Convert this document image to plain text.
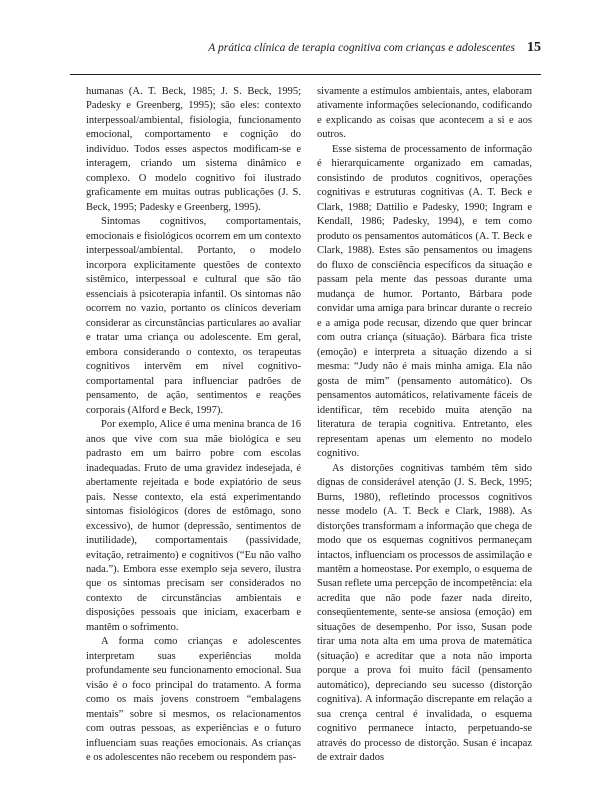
A prática clínica de terapia cognitiva com crianças e adolescentes 15

humanas (A. T. Beck, 1985; J. S. Beck, 1995; Padesky e Greenberg, 1995); são eles: contexto interpessoal/ambiental, fisiologia, funcionamento emocional, comportamento e cognição do indivíduo. Todos esses aspectos modificam-se e interagem, criando um sistema dinâmico e complexo. O modelo cognitivo foi ilustrado graficamente em muitas outras publicações (J. S. Beck, 1995; Padesky e Greenberg, 1995).

Sintomas cognitivos, comportamentais, emocionais e fisiológicos ocorrem em um contexto interpessoal/ambiental. Portanto, o modelo incorpora explicitamente questões de contexto sistêmico, interpessoal e cultural que são tão essenciais à psicoterapia infantil. Os sintomas não ocorrem no vazio, portanto os clínicos deveriam considerar as circunstâncias particulares ao avaliar e tratar uma criança ou adolescente. Em geral, embora considerando o contexto, os terapeutas cognitivos intervêm em nível cognitivo-comportamental para influenciar padrões de pensamento, de ação, sentimentos e reações corporais (Alford e Beck, 1997).

Por exemplo, Alice é uma menina branca de 16 anos que vive com sua mãe biológica e seu padrasto em um bairro pobre com escolas inadequadas. Fruto de uma gravidez indesejada, é abertamente rejeitada e bode expiatório de seus pais. Nesse contexto, ela está experimentando sintomas fisiológicos (dores de estômago, sono excessivo), de humor (depressão, sentimentos de inutilidade), comportamentais (passividade, evitação, retraimento) e cognitivos (“Eu não valho nada.”). Embora esse exemplo seja severo, ilustra que os sintomas precisam ser considerados no contexto de circunstâncias ambientais e disposições pessoais que iniciam, exacerbam e mantêm o sofrimento.

A forma como crianças e adolescentes interpretam suas experiências molda profundamente seu funcionamento emocional. Sua visão é o foco principal do tratamento. A forma como os mais jovens constroem “embalagens mentais” sobre si mesmos, os relacionamentos com outras pessoas, as experiências e o futuro influenciam suas reações emocionais. As crianças e os adolescentes não recebem ou respondem pas-

sivamente a estímulos ambientais, antes, elaboram ativamente informações selecionando, codificando e explicando as coisas que acontecem a si e aos outros.

Esse sistema de processamento de informação é hierarquicamente organizado em camadas, consistindo de produtos cognitivos, operações cognitivas e estruturas cognitivas (A. T. Beck e Clark, 1988; Dattilio e Padesky, 1990; Ingram e Kendall, 1986; Padesky, 1994), e tem como produto os pensamentos automáticos (A. T. Beck e Clark, 1988). Estes são pensamentos ou imagens do fluxo de consciência específicos da situação e passam pela mente das pessoas durante uma mudança de humor. Portanto, Bárbara pode convidar uma amiga para brincar durante o recreio e a amiga pode recusar, dizendo que quer brincar com outra criança (situação). Bárbara fica triste (emoção) e interpreta a situação dizendo a si mesma: “Judy não é mais minha amiga. Ela não gosta de mim” (pensamento automático). Os pensamentos automáticos, relativamente fáceis de identificar, têm recebido muita atenção na literatura de terapia cognitiva. Entretanto, eles representam apenas um elemento no modelo cognitivo.

As distorções cognitivas também têm sido dignas de considerável atenção (J. S. Beck, 1995; Burns, 1980), refletindo processos cognitivos nesse modelo (A. T. Beck e Clark, 1988). As distorções transformam a informação que chega de modo que os esquemas cognitivos permaneçam intactos, influenciam os processos de assimilação e mantêm a homeostase. Por exemplo, o esquema de Susan reflete uma percepção de incompetência: ela acredita que não pode fazer nada direito, conseqüentemente, sente-se ansiosa (emoção) em situações de desempenho. Por isso, Susan pode tirar uma nota alta em uma prova de matemática (situação) e acreditar que a nota não importa porque a prova foi muito fácil (pensamento automático), depreciando seu sucesso (distorção cognitiva). A informação discrepante em relação a sua crença central é invalidada, o esquema cognitivo permanece intacto, perpetuando-se através do processo de distorção. Susan é incapaz de extrair dados
